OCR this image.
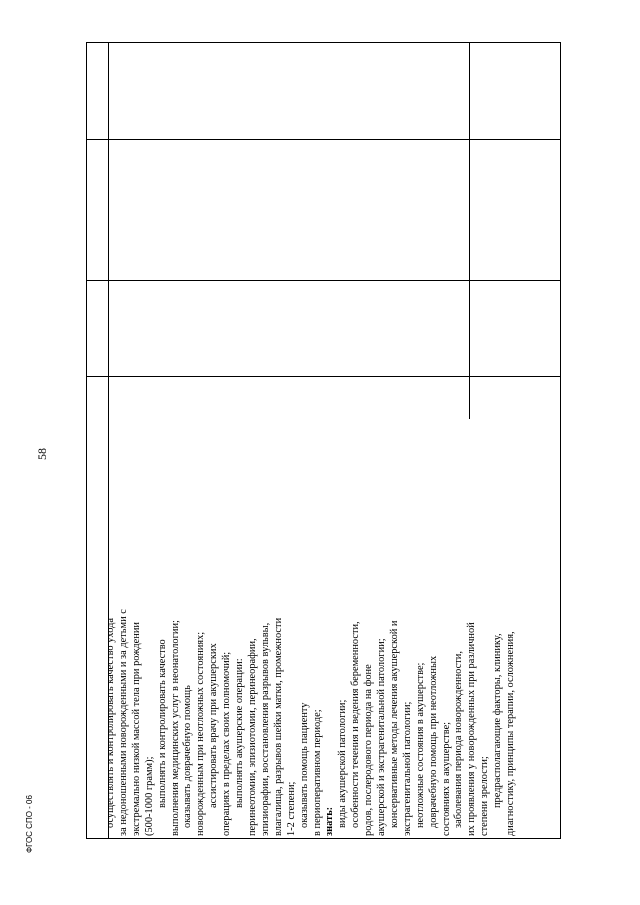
58
осуществлять и контролировать качество ухода за недоношенными новорожденными и за детьми с экстремально низкой массой тела при рождении (500-1000 грамм); выполнять и контролировать качество выполнения медицинских услуг в неонатологии; оказывать доврачебную помощь новорожденным при неотложных состояниях; ассистировать врачу при акушерских операциях в пределах своих полномочий; выполнять акушерские операции: перинеотомии, эпизиотомии, перинеорафии, эпизиорафии, восстановления разрывов вульвы, влагалища, разрывов шейки матки, промежности 1-2 степени; оказывать помощь пациенту в периоперативном периоде; знать: виды акушерской патологии; особенности течения и ведения беременности, родов, послеродового периода на фоне акушерской и экстрагенитальной патологии; консервативные методы лечения акушерской и экстрагенитальной патологии; неотложные состояния в акушерстве; доврачебную помощь при неотложных состояниях в акушерстве; заболевания периода новорожденности, их проявления у новорожденных при различной степени зрелости; предрасполагающие факторы, клинику, диагностику, принципы терапии, осложнения,
ФГОС СПО - 06
